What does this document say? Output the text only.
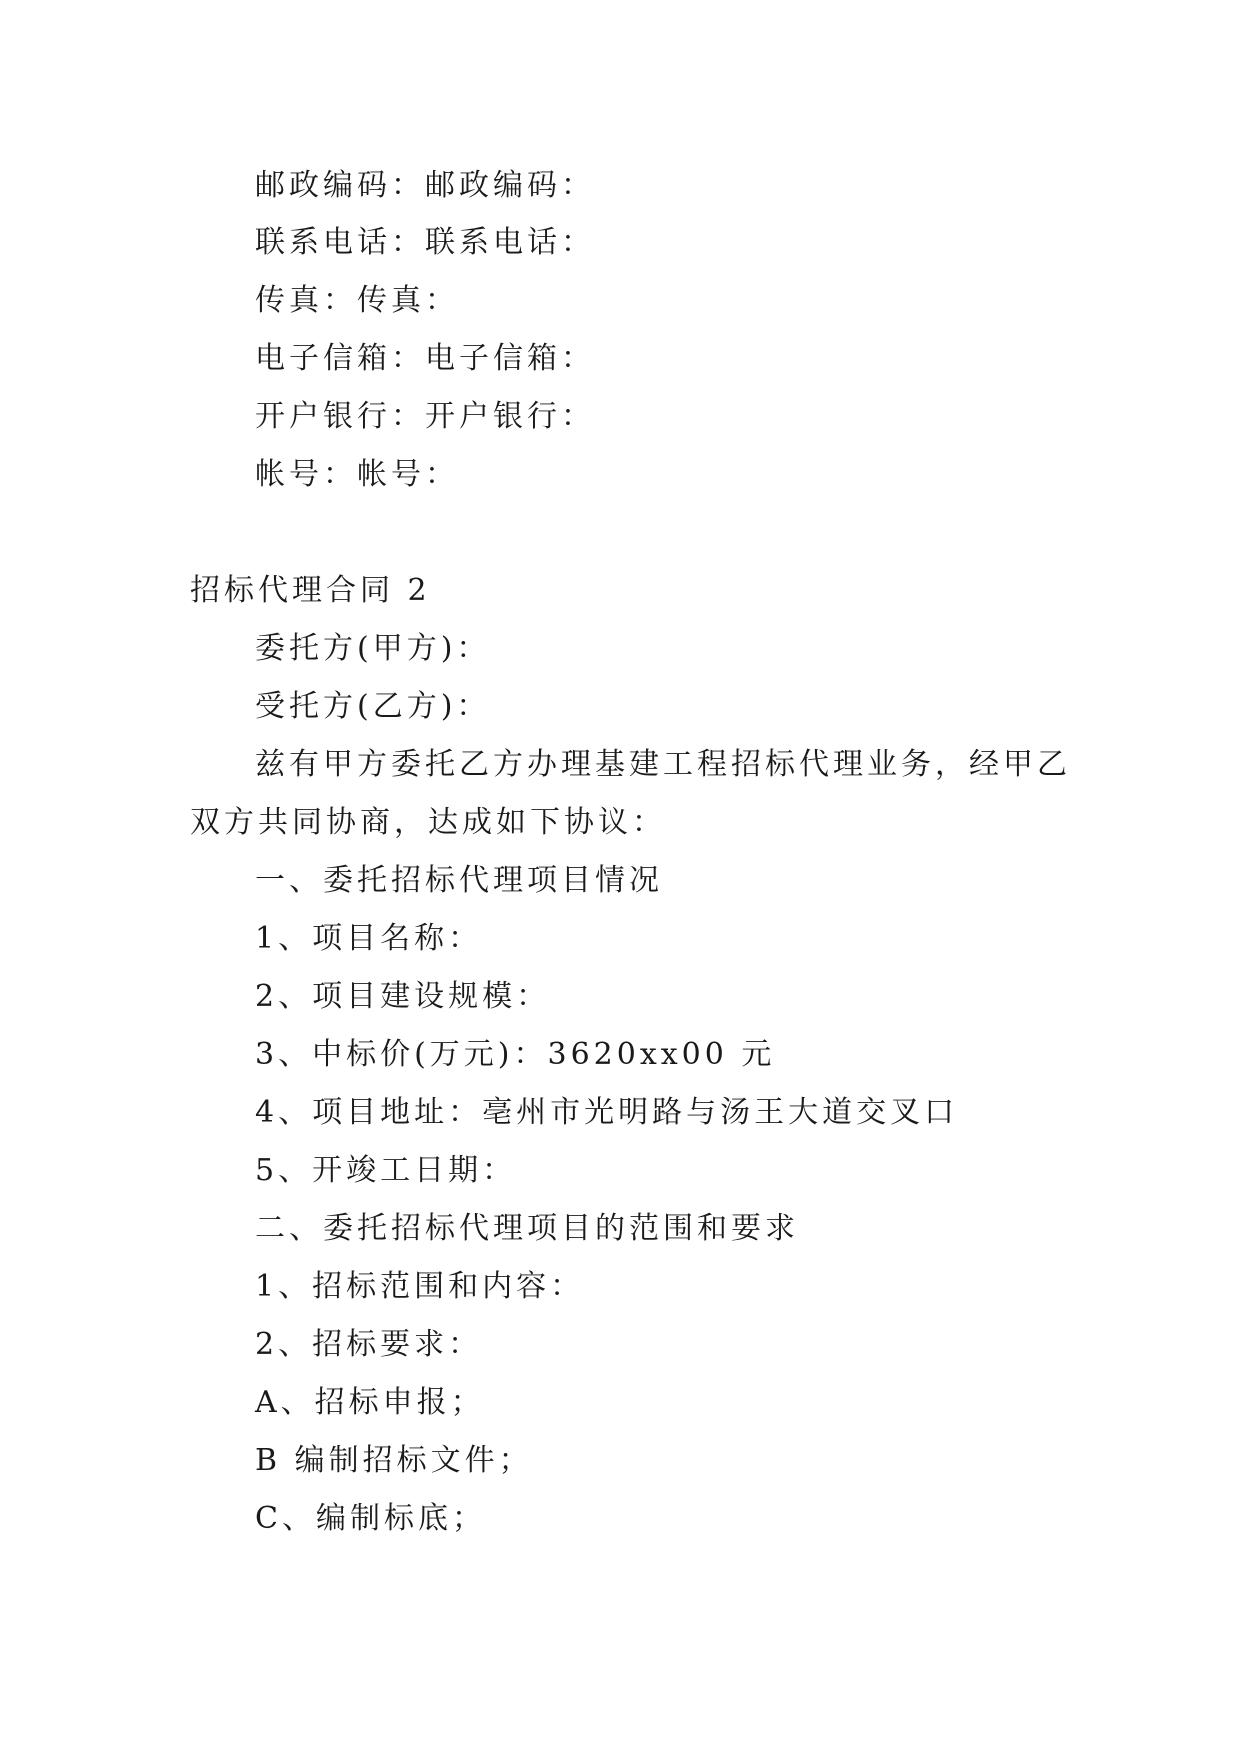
邮政编码：邮政编码：
联系电话：联系电话：
传真：传真：
电子信箱：电子信箱：
开户银行：开户银行：
帐号：帐号：
招标代理合同 2
委托方(甲方)：
受托方(乙方)：
兹有甲方委托乙方办理基建工程招标代理业务，经甲乙
双方共同协商，达成如下协议：
一、委托招标代理项目情况
1、项目名称：
2、项目建设规模：
3、中标价(万元)：3620xx00 元
4、项目地址：亳州市光明路与汤王大道交叉口
5、开竣工日期：
二、委托招标代理项目的范围和要求
1、招标范围和内容：
2、招标要求：
A、招标申报；
B 编制招标文件；
C、编制标底；
